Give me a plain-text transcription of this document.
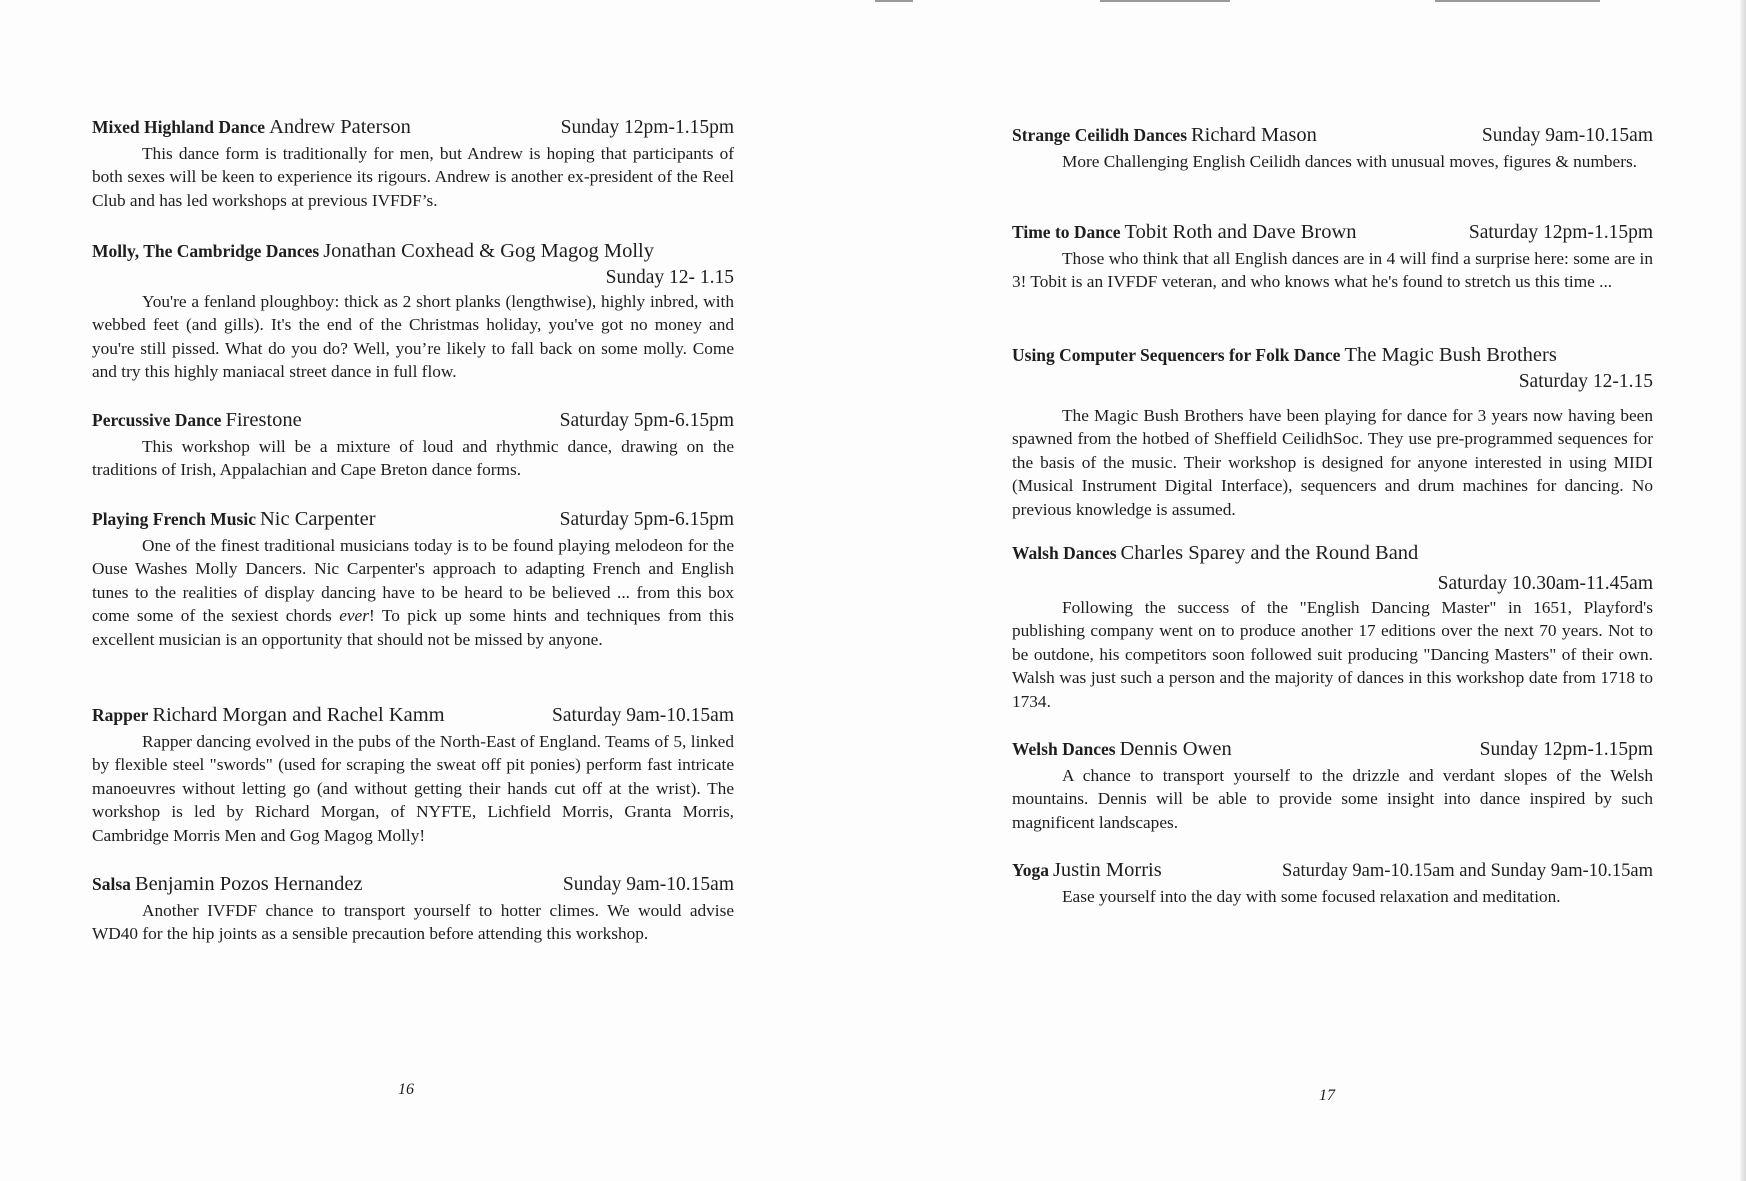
Mixed Highland Dance Andrew Paterson	Sunday 12pm-1.15pm

This dance form is traditionally for men, but Andrew is hoping that participants of both sexes will be keen to experience its rigours. Andrew is another ex-president of the Reel Club and has led workshops at previous IVFDF’s.

Molly, The Cambridge Dances Jonathan Coxhead & Gog Magog Molly
Sunday 12- 1.15

You're a fenland ploughboy: thick as 2 short planks (lengthwise), highly inbred, with webbed feet (and gills). It's the end of the Christmas holiday, you've got no money and you're still pissed. What do you do? Well, you’re likely to fall back on some molly. Come and try this highly maniacal street dance in full flow.

Percussive Dance Firestone	Saturday 5pm-6.15pm

This workshop will be a mixture of loud and rhythmic dance, drawing on the traditions of Irish, Appalachian and Cape Breton dance forms.

Playing French Music Nic Carpenter	Saturday 5pm-6.15pm

One of the finest traditional musicians today is to be found playing melodeon for the Ouse Washes Molly Dancers. Nic Carpenter's approach to adapting French and English tunes to the realities of display dancing have to be heard to be believed ... from this box come some of the sexiest chords ever! To pick up some hints and techniques from this excellent musician is an opportunity that should not be missed by anyone.

Rapper Richard Morgan and Rachel Kamm	Saturday 9am-10.15am

Rapper dancing evolved in the pubs of the North-East of England. Teams of 5, linked by flexible steel "swords" (used for scraping the sweat off pit ponies) perform fast intricate manoeuvres without letting go (and without getting their hands cut off at the wrist). The workshop is led by Richard Morgan, of NYFTE, Lichfield Morris, Granta Morris, Cambridge Morris Men and Gog Magog Molly!

Salsa Benjamin Pozos Hernandez	Sunday 9am-10.15am

Another IVFDF chance to transport yourself to hotter climes. We would advise WD40 for the hip joints as a sensible precaution before attending this workshop.

16
Strange Ceilidh Dances Richard Mason	Sunday 9am-10.15am

More Challenging English Ceilidh dances with unusual moves, figures & numbers.

Time to Dance Tobit Roth and Dave Brown	Saturday 12pm-1.15pm

Those who think that all English dances are in 4 will find a surprise here: some are in 3! Tobit is an IVFDF veteran, and who knows what he's found to stretch us this time ...

Using Computer Sequencers for Folk Dance The Magic Bush Brothers
Saturday 12-1.15

The Magic Bush Brothers have been playing for dance for 3 years now having been spawned from the hotbed of Sheffield CeilidhSoc. They use pre-programmed sequences for the basis of the music. Their workshop is designed for anyone interested in using MIDI (Musical Instrument Digital Interface), sequencers and drum machines for dancing. No previous knowledge is assumed.

Walsh Dances Charles Sparey and the Round Band
Saturday 10.30am-11.45am

Following the success of the "English Dancing Master" in 1651, Playford's publishing company went on to produce another 17 editions over the next 70 years. Not to be outdone, his competitors soon followed suit producing "Dancing Masters" of their own. Walsh was just such a person and the majority of dances in this workshop date from 1718 to 1734.

Welsh Dances Dennis Owen	Sunday 12pm-1.15pm

A chance to transport yourself to the drizzle and verdant slopes of the Welsh mountains. Dennis will be able to provide some insight into dance inspired by such magnificent landscapes.

Yoga Justin Morris	Saturday 9am-10.15am and Sunday 9am-10.15am

Ease yourself into the day with some focused relaxation and meditation.

17
